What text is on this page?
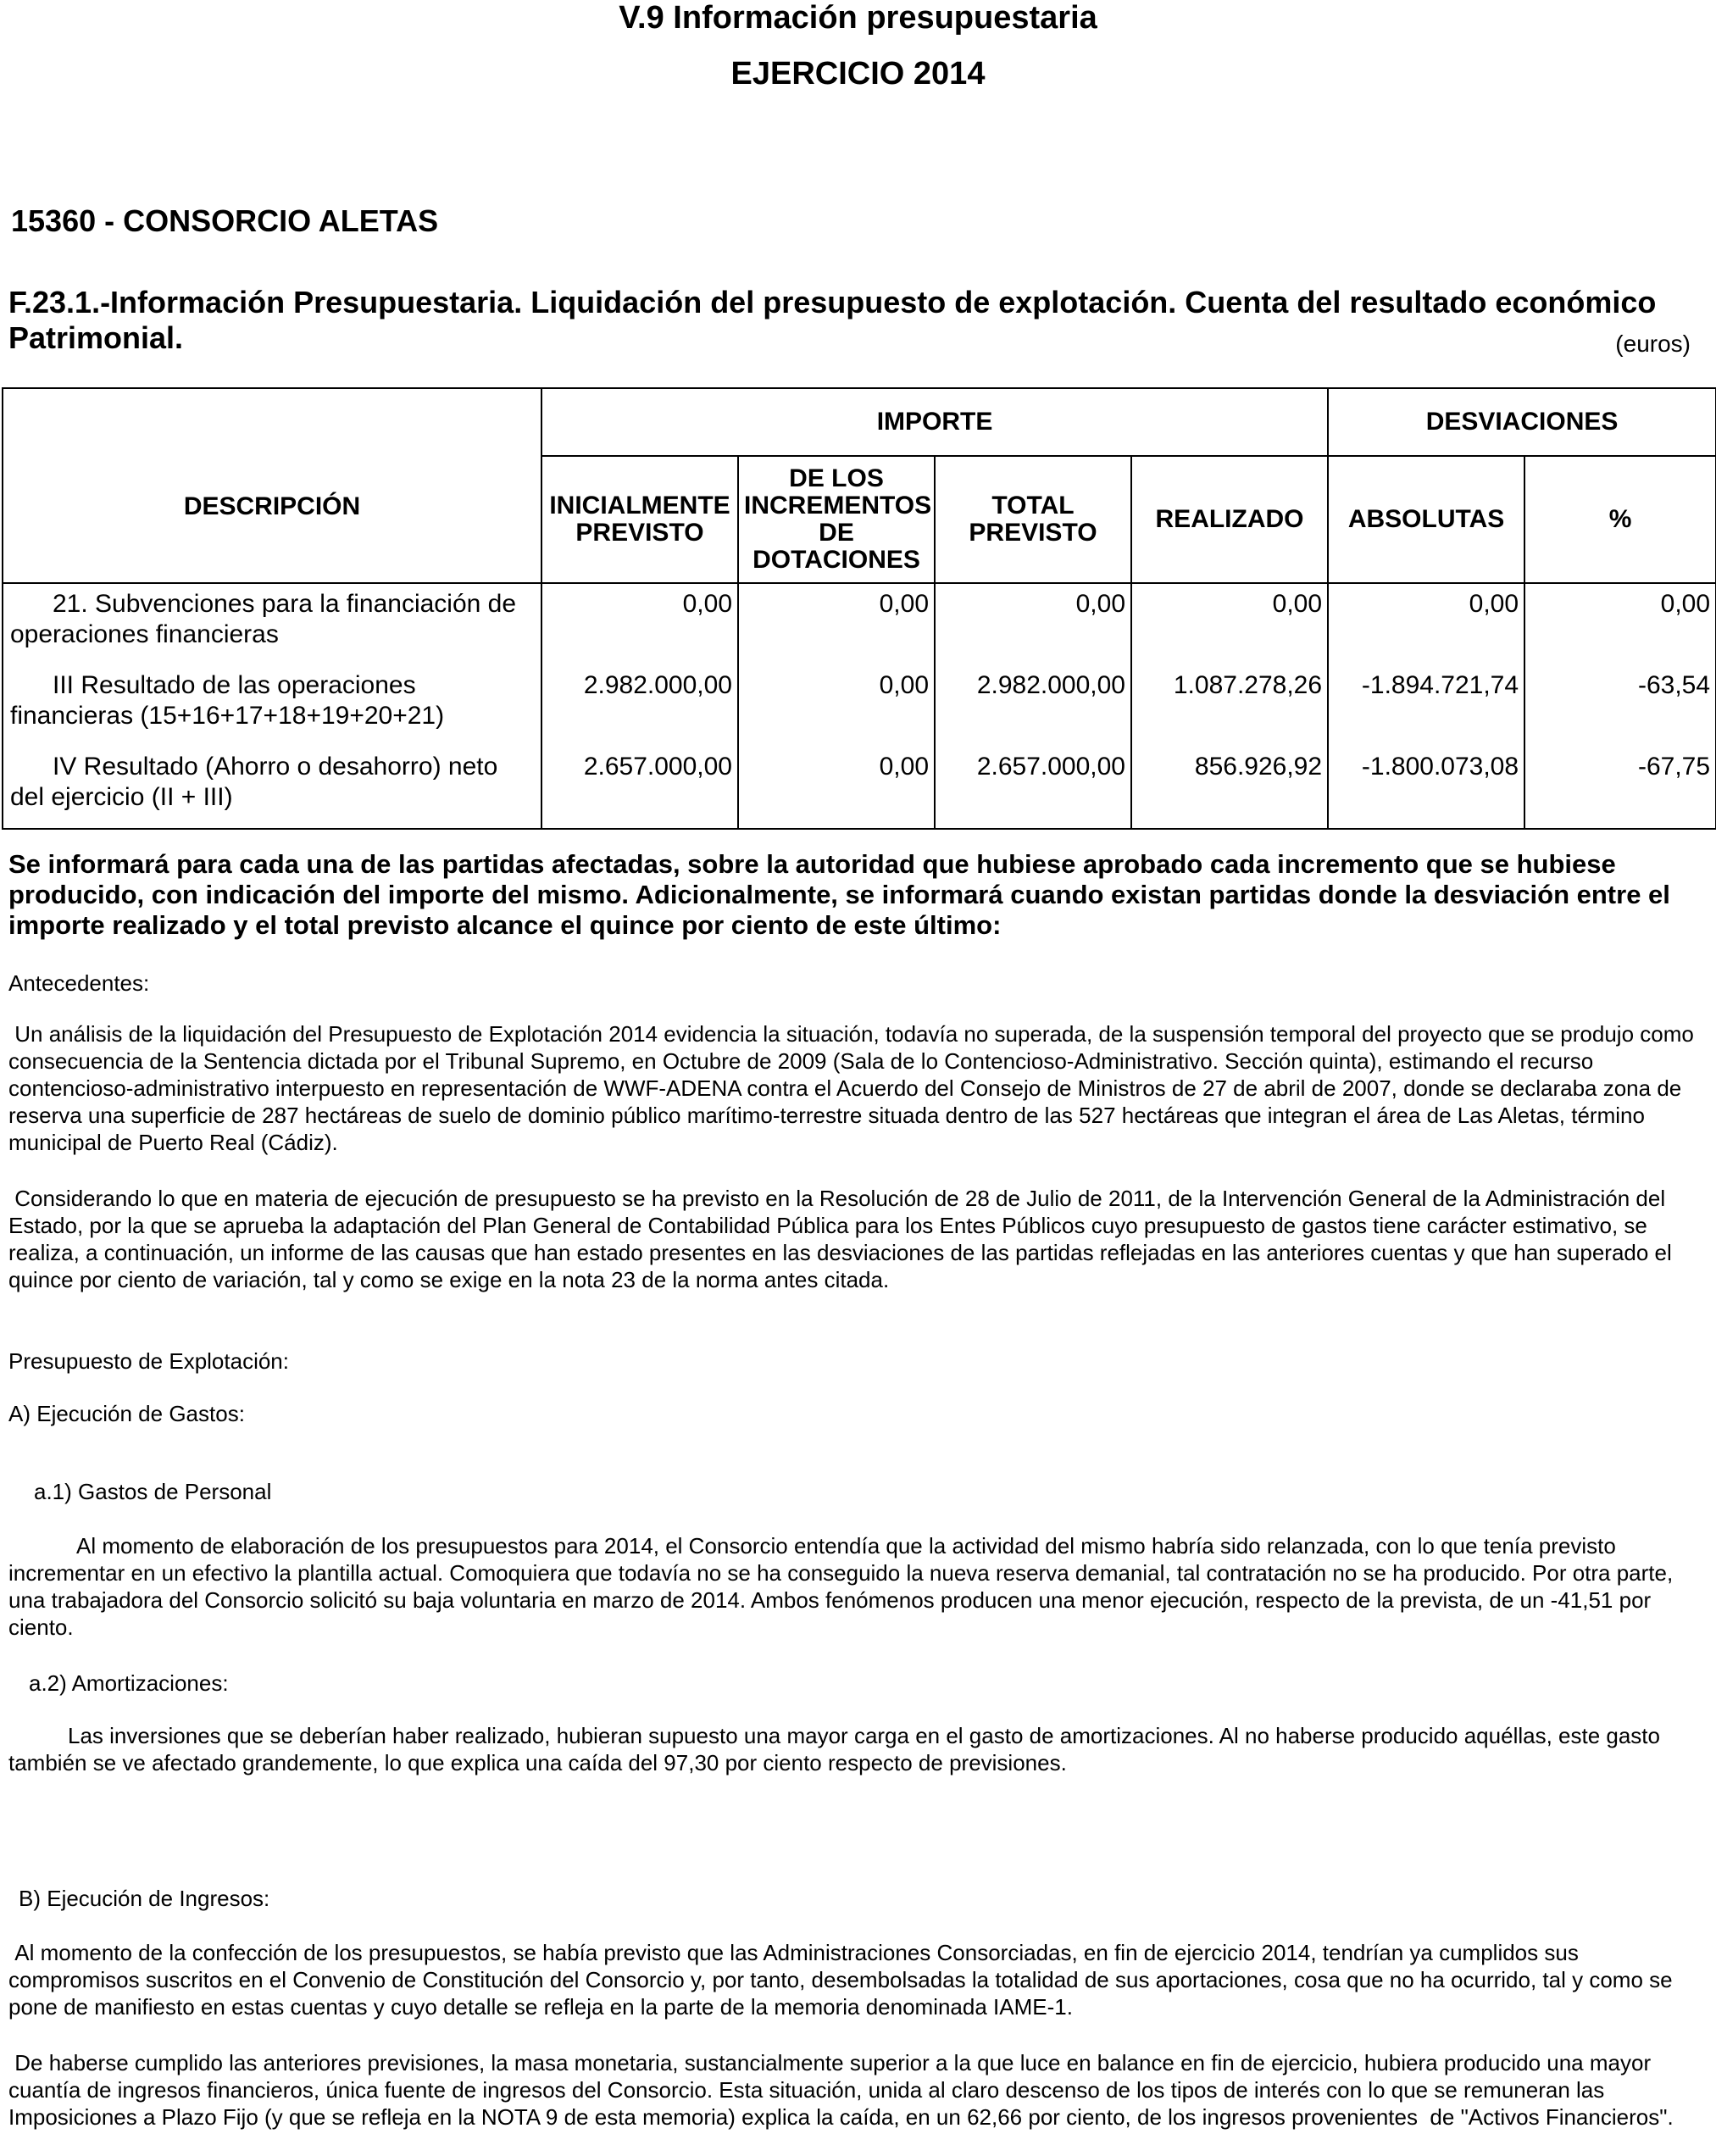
V.9 Información presupuestaria
EJERCICIO 2014
15360 - CONSORCIO ALETAS
F.23.1.-Información Presupuestaria. Liquidación del presupuesto de explotación. Cuenta del resultado económico Patrimonial.	(euros)
DESCRIPCIÓN	IMPORTE				DESVIACIONES	
	INICIALMENTE PREVISTO	DE LOS INCREMENTOS DE DOTACIONES	TOTAL PREVISTO	REALIZADO	ABSOLUTAS	%
21. Subvenciones para la financiación de operaciones financieras	0,00	0,00	0,00	0,00	0,00	0,00
III Resultado de las operaciones financieras (15+16+17+18+19+20+21)	2.982.000,00	0,00	2.982.000,00	1.087.278,26	-1.894.721,74	-63,54
IV Resultado (Ahorro o desahorro) neto del ejercicio (II + III)	2.657.000,00	0,00	2.657.000,00	856.926,92	-1.800.073,08	-67,75
Se informará para cada una de las partidas afectadas, sobre la autoridad que hubiese aprobado cada incremento que se hubiese producido, con indicación del importe del mismo. Adicionalmente, se informará cuando existan partidas donde la desviación entre el importe realizado y el total previsto alcance el quince por ciento de este último:
Antecedentes:
Un análisis de la liquidación del Presupuesto de Explotación 2014 evidencia la situación, todavía no superada, de la suspensión temporal del proyecto que se produjo como consecuencia de la Sentencia dictada por el Tribunal Supremo, en Octubre de 2009 (Sala de lo Contencioso-Administrativo. Sección quinta), estimando el recurso contencioso-administrativo interpuesto en representación de WWF-ADENA contra el Acuerdo del Consejo de Ministros de 27 de abril de 2007, donde se declaraba zona de reserva una superficie de 287 hectáreas de suelo de dominio público marítimo-terrestre situada dentro de las 527 hectáreas que integran el área de Las Aletas, término municipal de Puerto Real (Cádiz).
Considerando lo que en materia de ejecución de presupuesto se ha previsto en la Resolución de 28 de Julio de 2011, de la Intervención General de la Administración del Estado, por la que se aprueba la adaptación del Plan General de Contabilidad Pública para los Entes Públicos cuyo presupuesto de gastos tiene carácter estimativo, se realiza, a continuación, un informe de las causas que han estado presentes en las desviaciones de las partidas reflejadas en las anteriores cuentas y que han superado el quince por ciento de variación, tal y como se exige en la nota 23 de la norma antes citada.
Presupuesto de Explotación:
A) Ejecución de Gastos:
a.1) Gastos de Personal
Al momento de elaboración de los presupuestos para 2014, el Consorcio entendía que la actividad del mismo habría sido relanzada, con lo que tenía previsto incrementar en un efectivo la plantilla actual. Comoquiera que todavía no se ha conseguido la nueva reserva demanial, tal contratación no se ha producido. Por otra parte, una trabajadora del Consorcio solicitó su baja voluntaria en marzo de 2014. Ambos fenómenos producen una menor ejecución, respecto de la prevista, de un -41,51 por ciento.
a.2) Amortizaciones:
Las inversiones que se deberían haber realizado, hubieran supuesto una mayor carga en el gasto de amortizaciones. Al no haberse producido aquéllas, este gasto también se ve afectado grandemente, lo que explica una caída del 97,30 por ciento respecto de previsiones.
B) Ejecución de Ingresos:
Al momento de la confección de los presupuestos, se había previsto que las Administraciones Consorciadas, en fin de ejercicio 2014, tendrían ya cumplidos sus compromisos suscritos en el Convenio de Constitución del Consorcio y, por tanto, desembolsadas la totalidad de sus aportaciones, cosa que no ha ocurrido, tal y como se pone de manifiesto en estas cuentas y cuyo detalle se refleja en la parte de la memoria denominada IAME-1.
De haberse cumplido las anteriores previsiones, la masa monetaria, sustancialmente superior a la que luce en balance en fin de ejercicio, hubiera producido una mayor cuantía de ingresos financieros, única fuente de ingresos del Consorcio. Esta situación, unida al claro descenso de los tipos de interés con lo que se remuneran las Imposiciones a Plazo Fijo (y que se refleja en la NOTA 9 de esta memoria) explica la caída, en un 62,66 por ciento, de los ingresos provenientes  de "Activos Financieros".
